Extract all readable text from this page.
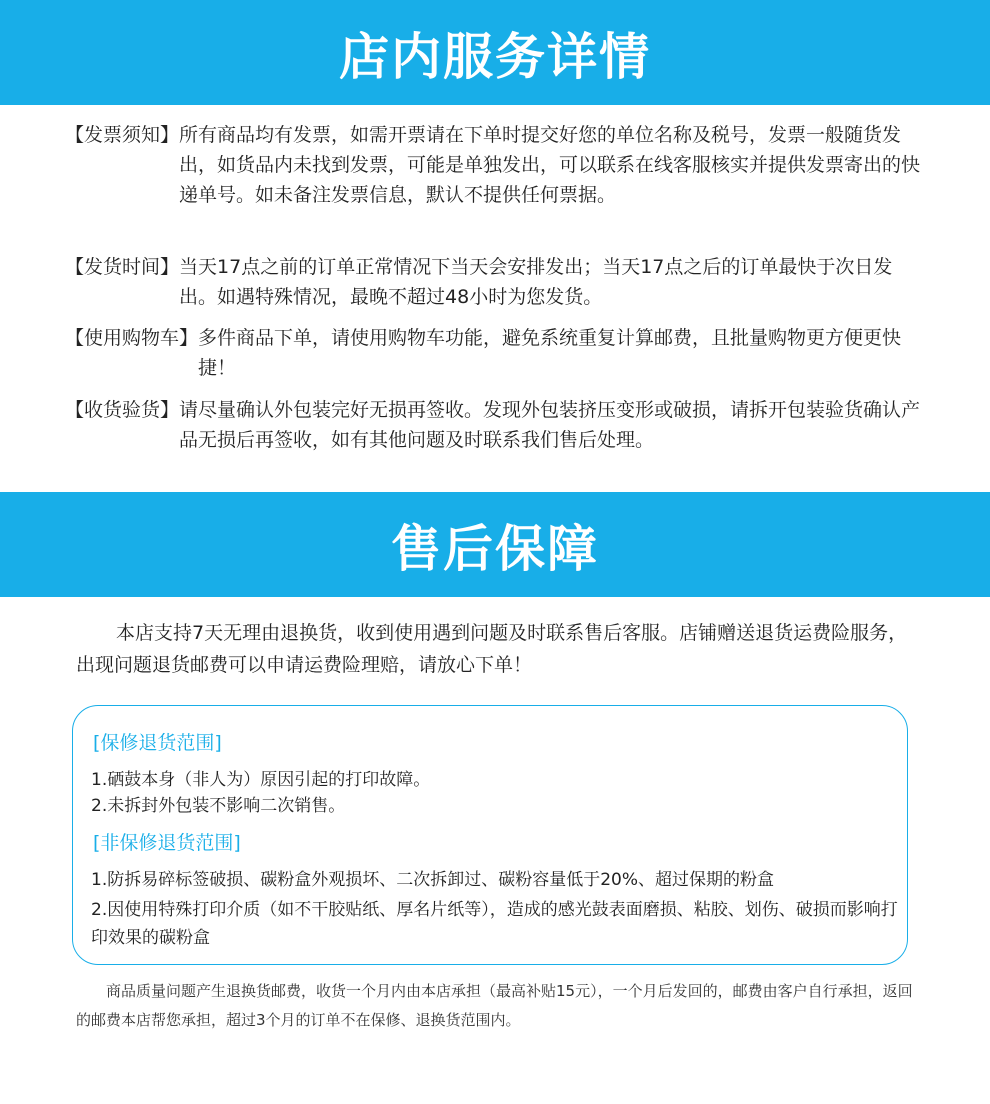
店内服务详情
【发票须知】 所有商品均有发票，如需开票请在下单时提交好您的单位名称及税号，发票一般随货发出，如货品内未找到发票，可能是单独发出，可以联系在线客服核实并提供发票寄出的快递单号。如未备注发票信息，默认不提供任何票据。
【发货时间】 当天17点之前的订单正常情况下当天会安排发出；当天17点之后的订单最快于次日发出。如遇特殊情况，最晚不超过48小时为您发货。
【使用购物车】 多件商品下单，请使用购物车功能，避免系统重复计算邮费，且批量购物更方便更快捷！
【收货验货】 请尽量确认外包装完好无损再签收。发现外包装挤压变形或破损，请拆开包装验货确认产品无损后再签收，如有其他问题及时联系我们售后处理。
售后保障
本店支持7天无理由退换货，收到使用遇到问题及时联系售后客服。店铺赠送退货运费险服务，出现问题退货邮费可以申请运费险理赔，请放心下单！
[保修退货范围]
1.硒鼓本身（非人为）原因引起的打印故障。
2.未拆封外包装不影响二次销售。
[非保修退货范围]
1.防拆易碎标签破损、碳粉盒外观损坏、二次拆卸过、碳粉容量低于20%、超过保期的粉盒
2.因使用特殊打印介质（如不干胶贴纸、厚名片纸等），造成的感光鼓表面磨损、粘胶、划伤、破损而影响打印效果的碳粉盒
商品质量问题产生退换货邮费，收货一个月内由本店承担（最高补贴15元），一个月后发回的，邮费由客户自行承担，返回的邮费本店帮您承担，超过3个月的订单不在保修、退换货范围内。
